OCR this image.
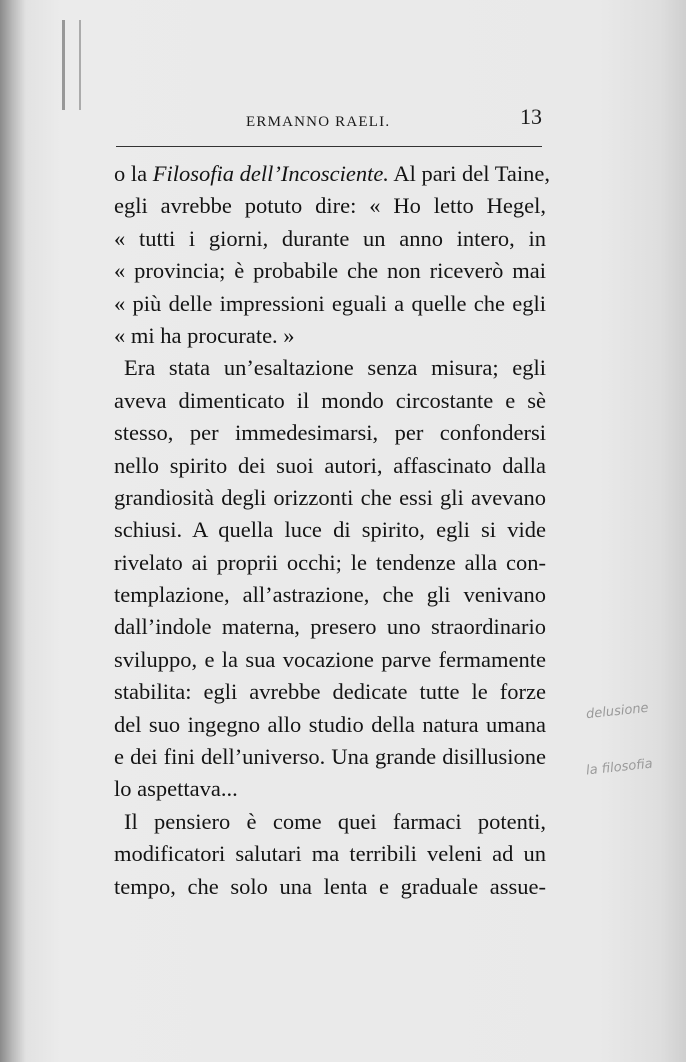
ERMANNO RAELI.	13
o la Filosofia dell’Incosciente. Al pari del Taine,
egli avrebbe potuto dire: « Ho letto Hegel,
« tutti i giorni, durante un anno intero, in
« provincia; è probabile che non riceverò mai
« più delle impressioni eguali a quelle che egli
« mi ha procurate. »
Era stata un’esaltazione senza misura; egli
aveva dimenticato il mondo circostante e sè
stesso, per immedesimarsi, per confondersi
nello spirito dei suoi autori, affascinato dalla
grandiosità degli orizzonti che essi gli avevano
schiusi. A quella luce di spirito, egli si vide
rivelato ai proprii occhi; le tendenze alla con-
templazione, all’astrazione, che gli venivano
dall’indole materna, presero uno straordinario
sviluppo, e la sua vocazione parve fermamente
stabilita: egli avrebbe dedicate tutte le forze
del suo ingegno allo studio della natura umana
e dei fini dell’universo. Una grande disillusione
lo aspettava...
Il pensiero è come quei farmaci potenti,
modificatori salutari ma terribili veleni ad un
tempo, che solo una lenta e graduale assue-
delusione
la filosofia
